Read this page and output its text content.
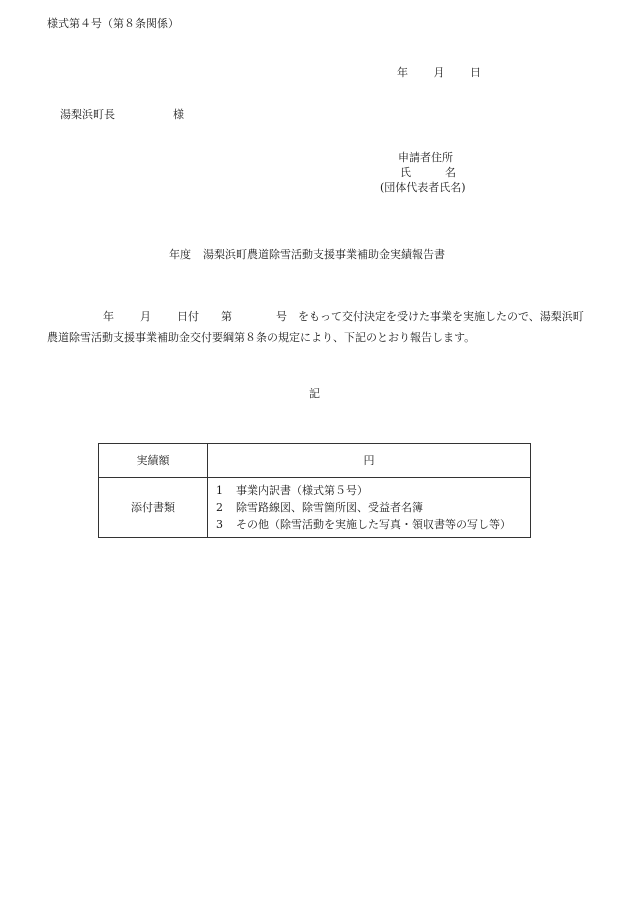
様式第４号（第８条関係）
年 月 日
湯梨浜町長	様
申請者住所
氏	名
(団体代表者氏名)
年度 湯梨浜町農道除雪活動支援事業補助金実績報告書
年 月 日付 第	号　 をもって交付決定を受けた事業を実施したので、湯梨浜町農道除雪活動支援事業補助金交付要綱第８条の規定により、下記のとおり報告します。
記
実績額	円
添付書類	1 事業内訳書（様式第５号）
2 除雪路線図、除雪箇所図、受益者名簿
3 その他（除雪活動を実施した写真・領収書等の写し等）
